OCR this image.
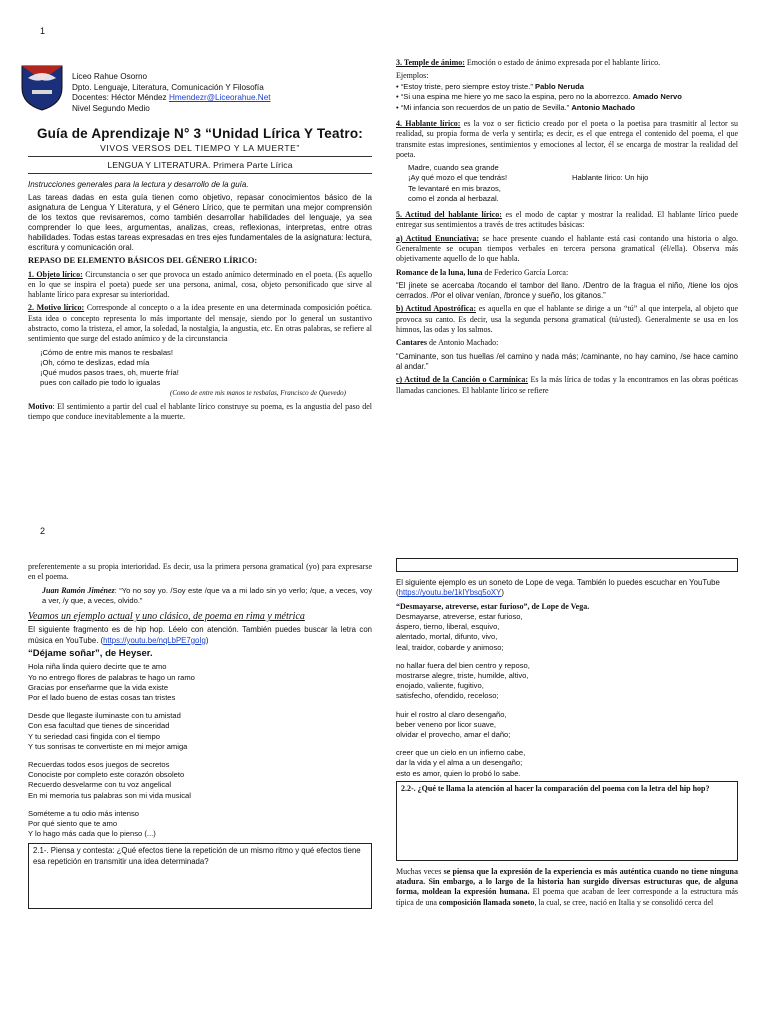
1
Liceo Rahue Osorno
Dpto. Lenguaje, Literatura, Comunicación Y Filosofía
Docentes: Héctor Méndez Hmendezr@Liceorahue.Net
Nivel Segundo Medio
Guía de Aprendizaje N° 3 “Unidad Lírica Y Teatro:
VIVOS VERSOS DEL TIEMPO Y LA MUERTE”
LENGUA Y LITERATURA. Primera Parte Lírica

Instrucciones generales para la lectura y desarrollo de la guía.

Las tareas dadas en esta guía tienen como objetivo, repasar conocimientos básico de la asignatura de Lengua Y Literatura, y el Género Lírico, que te permitan una mejor comprensión de los textos que revisaremos, como también desarrollar habilidades del lenguaje, ya sea comprender lo que lees, argumentas, analizas, creas, reflexionas, interpretas, entre otras habilidades. Todas estas tareas expresadas en tres ejes fundamentales de la asignatura: lectura, escritura y comunicación oral.

REPASO DE ELEMENTO BÁSICOS DEL GÉNERO LÍRICO:

1. Objeto lírico: Circunstancia o ser que provoca un estado anímico determinado en el poeta. (Es aquello en lo que se inspira el poeta) puede ser una persona, animal, cosa, objeto personificado que sirve al hablante lírico para expresar su interioridad.

2. Motivo lírico: Corresponde al concepto o a la idea presente en una determinada composición poética. Esta idea o concepto representa lo más importante del mensaje, siendo por lo general un sustantivo abstracto, como la tristeza, el amor, la soledad, la nostalgia, la angustia, etc. En otras palabras, se refiere al sentimiento que surge del estado anímico y de la circunstancia

¡Cómo de entre mis manos te resbalas!
¡Oh, cómo te deslizas, edad mía
¡Qué mudos pasos traes, oh, muerte fría!
pues con callado pie todo lo igualas

(Como de entre mis manos te resbalas, Francisco de Quevedo)

Motivo: El sentimiento a partir del cual el hablante lírico construye su poema, es la angustia del paso del tiempo que conduce inevitablemente a la muerte.

3. Temple de ánimo: Emoción o estado de ánimo expresada por el hablante lírico.

Ejemplos:

• “Estoy triste, pero siempre estoy triste.” Pablo Neruda
• “Si una espina me hiere yo me saco la espina, pero no la aborrezco. Amado Nervo
• “Mi infancia son recuerdos de un patio de Sevilla.” Antonio Machado

4. Hablante lírico: es la voz o ser ficticio creado por el poeta o la poetisa para trasmitir al lector su realidad, su propia forma de verla y sentirla; es decir, es el que entrega el contenido del poema, el que transmite estas impresiones, sentimientos y emociones al lector, él se encarga de mostrar la realidad del poeta.

Madre, cuando sea grande
¡Ay qué mozo el que tendrás!
Te levantaré en mis brazos,
como el zonda al herbazal.
Hablante lírico: Un hijo

5. Actitud del hablante lírico: es el modo de captar y mostrar la realidad. El hablante lírico puede entregar sus sentimientos a través de tres actitudes básicas:

a) Actitud Enunciativa: se hace presente cuando el hablante está casi contando una historia o algo. Generalmente se ocupan tiempos verbales en tercera persona gramatical (él/ella). Observa más objetivamente aquello de lo que habla.

Romance de la luna, luna de Federico García Lorca:

“El jinete se acercaba /tocando el tambor del llano. /Dentro de la fragua el niño, /tiene los ojos cerrados. /Por el olivar venían, /bronce y sueño, los gitanos.”

b) Actitud Apostrófica: es aquella en que el hablante se dirige a un “tú” al que interpela, al objeto que provoca su canto. Es decir, usa la segunda persona gramatical (tú/usted). Generalmente se usa en los himnos, las odas y los salmos.

Cantares de Antonio Machado:

“Caminante, son tus huellas /el camino y nada más; /caminante, no hay camino, /se hace camino al andar.”

c) Actitud de la Canción o Carmínica: Es la más lírica de todas y la encontramos en las obras poéticas llamadas canciones. El hablante lírico se refiere

2

preferentemente a su propia interioridad. Es decir, usa la primera persona gramatical (yo) para expresarse en el poema.

Juan Ramón Jiménez: “Yo no soy yo. /Soy este /que va a mi lado sin yo verlo; /que, a veces, voy a ver, /y que, a veces, olvido.”

Veamos un ejemplo actual y uno clásico, de poema en rima y métrica

El siguiente fragmento es de hip hop. Léelo con atención. También puedes buscar la letra con música en YouTube. (https://youtu.be/nqLbPE7goIg)

“Déjame soñar”, de Heyser.

Hola niña linda quiero decirte que te amo
Yo no entrego flores de palabras te hago un ramo
Gracias por enseñarme que la vida existe
Por el lado bueno de estas cosas tan tristes
Desde que llegaste iluminaste con tu amistad
Con esa facultad que tienes de sinceridad
Y tu seriedad casi fingida con el tiempo
Y tus sonrisas te convertiste en mi mejor amiga
Recuerdas todos esos juegos de secretos
Conociste por completo este corazón obsoleto
Recuerdo desvelarme con tu voz angelical
En mi memoria tus palabras son mi vida musical
Sométeme a tu odio más intenso
Por qué siento que te amo
Y lo hago más cada que lo pienso (...)
2.1-. Piensa y contesta: ¿Qué efectos tiene la repetición de un mismo ritmo y qué efectos tiene esa repetición en transmitir una idea determinada?

El siguiente ejemplo es un soneto de Lope de vega. También lo puedes escuchar en YouTube
(https://youtu.be/1kIYbsq5oXY)

“Desmayarse, atreverse, estar furioso”, de Lope de Vega.

Desmayarse, atreverse, estar furioso,
áspero, tierno, liberal, esquivo,
alentado, mortal, difunto, vivo,
leal, traidor, cobarde y animoso;
no hallar fuera del bien centro y reposo,
mostrarse alegre, triste, humilde, altivo,
enojado, valiente, fugitivo,
satisfecho, ofendido, receloso;
huir el rostro al claro desengaño,
beber veneno por licor suave,
olvidar el provecho, amar el daño;
creer que un cielo en un infierno cabe,
dar la vida y el alma a un desengaño;
esto es amor, quien lo probó lo sabe.
2.2-. ¿Qué te llama la atención al hacer la comparación del poema con la letra del hip hop?

Muchas veces se piensa que la expresión de la experiencia es más auténtica cuando no tiene ninguna atadura. Sin embargo, a lo largo de la historia han surgido diversas estructuras que, de alguna forma, moldean la expresión humana. El poema que acaban de leer corresponde a la estructura más típica de una composición llamada soneto, la cual, se cree, nació en Italia y se consolidó cerca del
